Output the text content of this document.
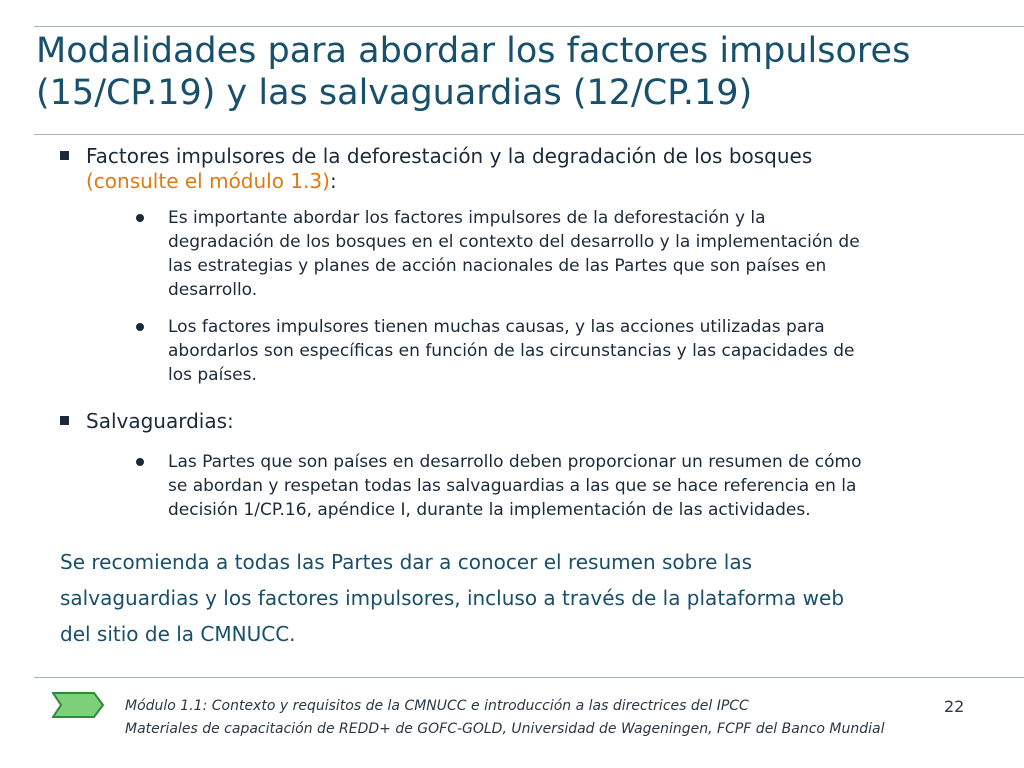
Modalidades para abordar los factores impulsores
(15/CP.19) y las salvaguardias (12/CP.19)
Factores impulsores de la deforestación y la degradación de los bosques
(consulte el módulo 1.3):
Es importante abordar los factores impulsores de la deforestación y la
degradación de los bosques en el contexto del desarrollo y la implementación de
las estrategias y planes de acción nacionales de las Partes que son países en
desarrollo.
Los factores impulsores tienen muchas causas, y las acciones utilizadas para
abordarlos son específicas en función de las circunstancias y las capacidades de
los países.
Salvaguardias:
Las Partes que son países en desarrollo deben proporcionar un resumen de cómo
se abordan y respetan todas las salvaguardias a las que se hace referencia en la
decisión 1/CP.16, apéndice I, durante la implementación de las actividades.
Se recomienda a todas las Partes dar a conocer el resumen sobre las
salvaguardias y los factores impulsores, incluso a través de la plataforma web
del sitio de la CMNUCC.
Módulo 1.1: Contexto y requisitos de la CMNUCC e introducción a las directrices del IPCC
Materiales de capacitación de REDD+ de GOFC-GOLD, Universidad de Wageningen, FCPF del Banco Mundial
22
